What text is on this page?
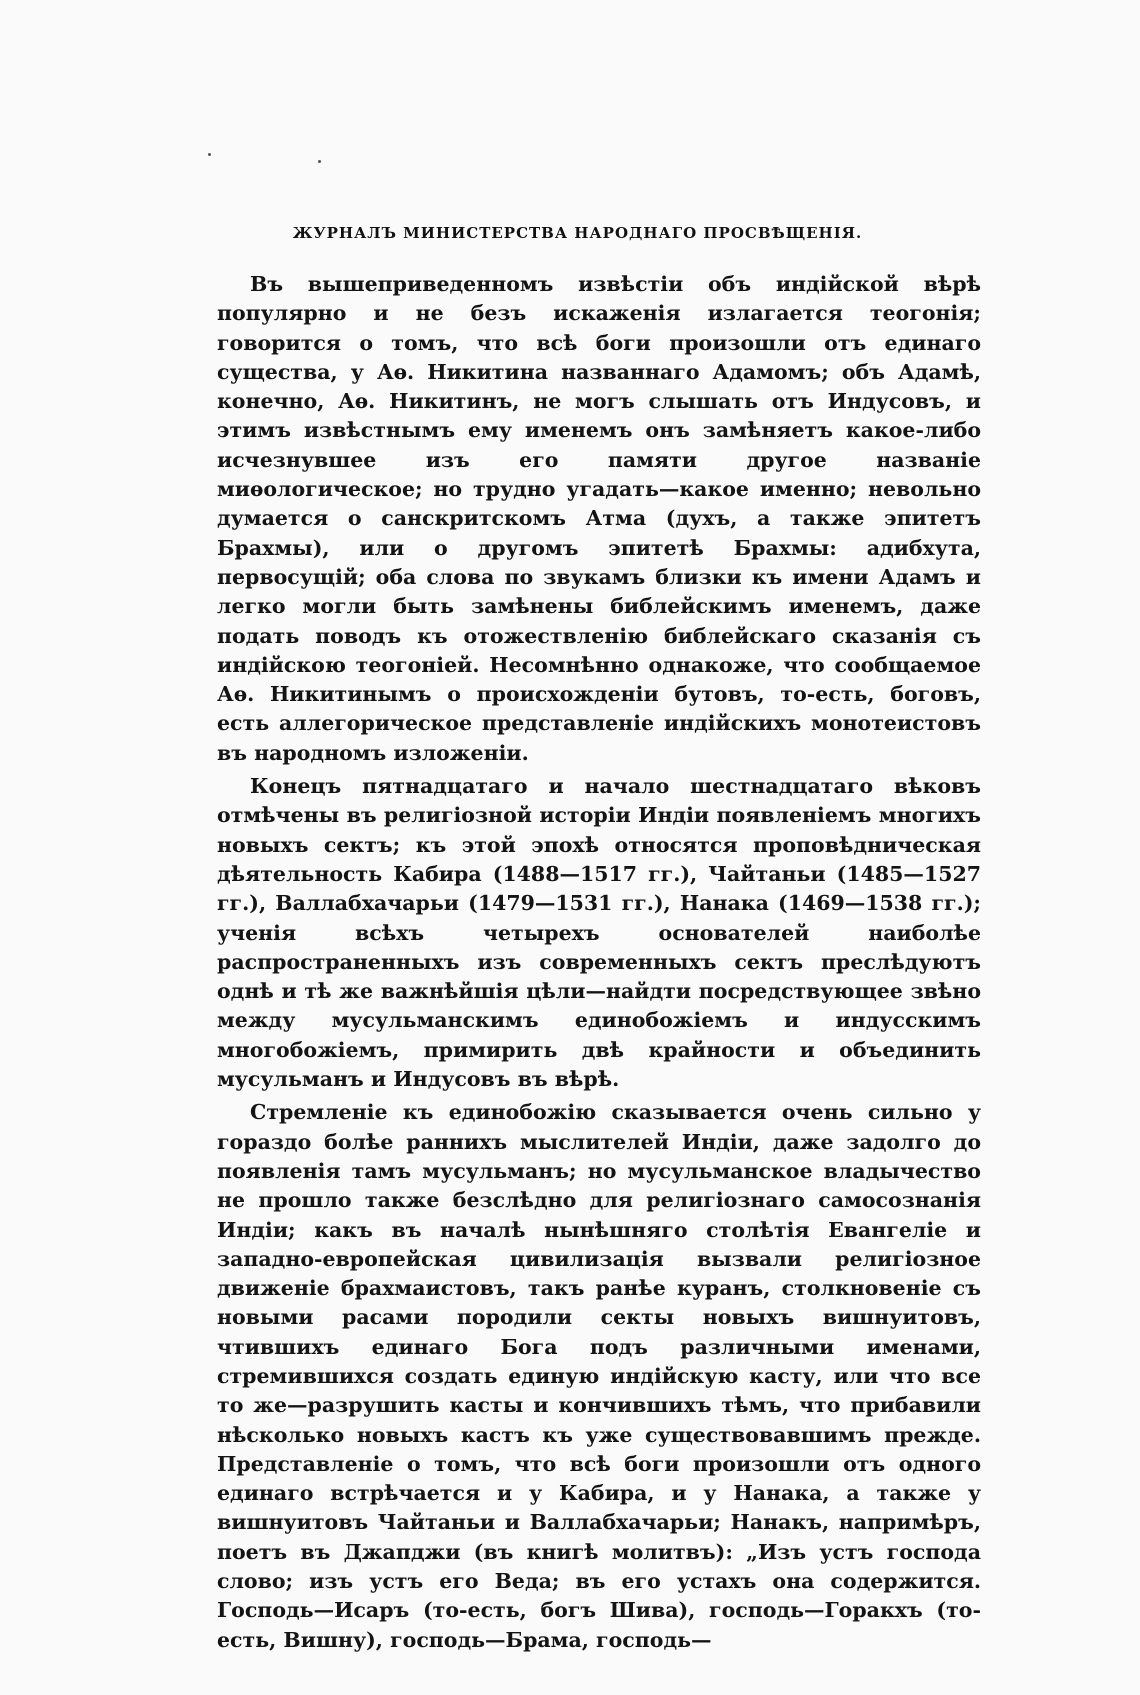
ЖУРНАЛЪ МИНИСТЕРСТВА НАРОДНАГО ПРОСВѢЩЕНІЯ.

Въ вышеприведенномъ извѣстіи объ индійской вѣрѣ популярно и не безъ искаженія излагается теогонія; говорится о томъ, что всѣ боги произошли отъ единаго существа, у Аѳ. Никитина названнаго Адамомъ; объ Адамѣ, конечно, Аѳ. Никитинъ, не могъ слышать отъ Индусовъ, и этимъ извѣстнымъ ему именемъ онъ замѣняетъ какое-либо исчезнувшее изъ его памяти другое названіе миѳологическое; но трудно угадать—какое именно; невольно думается о санскритскомъ Атма (духъ, а также эпитетъ Брахмы), или о другомъ эпитетѣ Брахмы: адибхута, первосущій; оба слова по звукамъ близки къ имени Адамъ и легко могли быть замѣнены библейскимъ именемъ, даже подать поводъ къ отожествленію библейскаго сказанія съ индійскою теогоніей. Несомнѣнно однакоже, что сообщаемое Аѳ. Никитинымъ о происхожденіи бутовъ, то-есть, боговъ, есть аллегорическое представленіе индійскихъ монотеистовъ въ народномъ изложеніи.

Конецъ пятнадцатаго и начало шестнадцатаго вѣковъ отмѣчены въ религіозной исторіи Индіи появленіемъ многихъ новыхъ сектъ; къ этой эпохѣ относятся проповѣдническая дѣятельность Кабира (1488—1517 гг.), Чайтаньи (1485—1527 гг.), Валлабхачарьи (1479—1531 гг.), Нанака (1469—1538 гг.); ученія всѣхъ четырехъ основателей наиболѣе распространенныхъ изъ современныхъ сектъ преслѣдуютъ однѣ и тѣ же важнѣйшія цѣли—найдти посредствующее звѣно между мусульманскимъ единобожіемъ и индусскимъ многобожіемъ, примирить двѣ крайности и объединить мусульманъ и Индусовъ въ вѣрѣ.

Стремленіе къ единобожію сказывается очень сильно у гораздо болѣе раннихъ мыслителей Индіи, даже задолго до появленія тамъ мусульманъ; но мусульманское владычество не прошло также безслѣдно для религіознаго самосознанія Индіи; какъ въ началѣ нынѣшняго столѣтія Евангеліе и западно-европейская цивилизація вызвали религіозное движеніе брахмаистовъ, такъ ранѣе куранъ, столкновеніе съ новыми расами породили секты новыхъ вишнуитовъ, чтившихъ единаго Бога подъ различными именами, стремившихся создать единую индійскую касту, или что все то же—разрушить касты и кончившихъ тѣмъ, что прибавили нѣсколько новыхъ кастъ къ уже существовавшимъ прежде. Представленіе о томъ, что всѣ боги произошли отъ одного единаго встрѣчается и у Кабира, и у Нанака, а также у вишнуитовъ Чайтаньи и Валлабхачарьи; Нанакъ, напримѣръ, поетъ въ Джапджи (въ книгѣ молитвъ): „Изъ устъ господа слово; изъ устъ его Веда; въ его устахъ она содержится. Господь—Исаръ (то-есть, богъ Шива), господь—Горакхъ (то-есть, Вишну), господь—Брама, господь—
